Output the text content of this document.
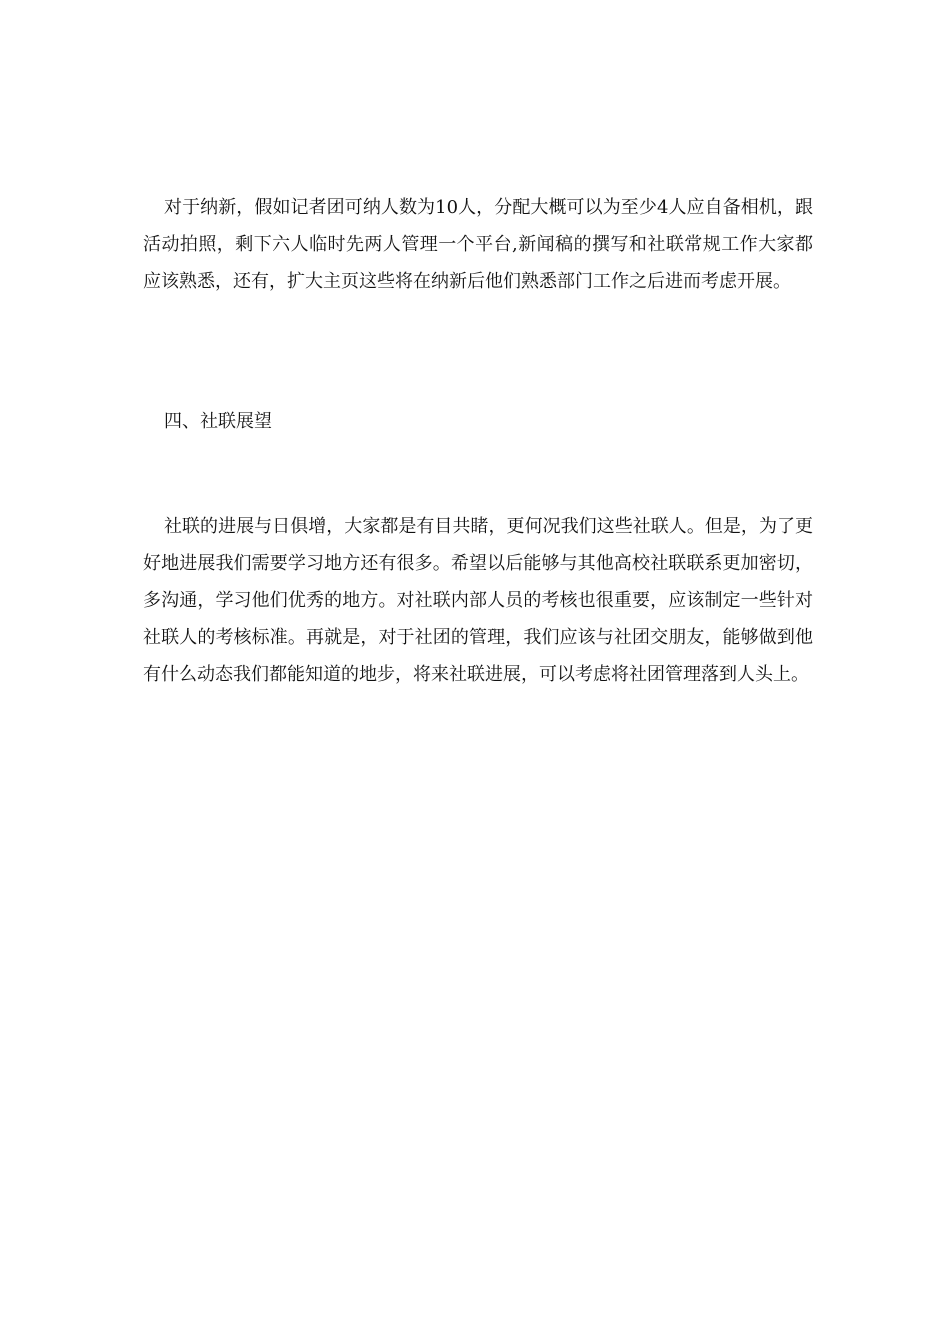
对于纳新，假如记者团可纳人数为10人，分配大概可以为至少4人应自备相机，跟活动拍照，剩下六人临时先两人管理一个平台,新闻稿的撰写和社联常规工作大家都应该熟悉，还有，扩大主页这些将在纳新后他们熟悉部门工作之后进而考虑开展。

四、社联展望

社联的进展与日俱增，大家都是有目共睹，更何况我们这些社联人。但是，为了更好地进展我们需要学习地方还有很多。希望以后能够与其他高校社联联系更加密切，多沟通，学习他们优秀的地方。对社联内部人员的考核也很重要，应该制定一些针对社联人的考核标准。再就是，对于社团的管理，我们应该与社团交朋友，能够做到他有什么动态我们都能知道的地步，将来社联进展，可以考虑将社团管理落到人头上。
